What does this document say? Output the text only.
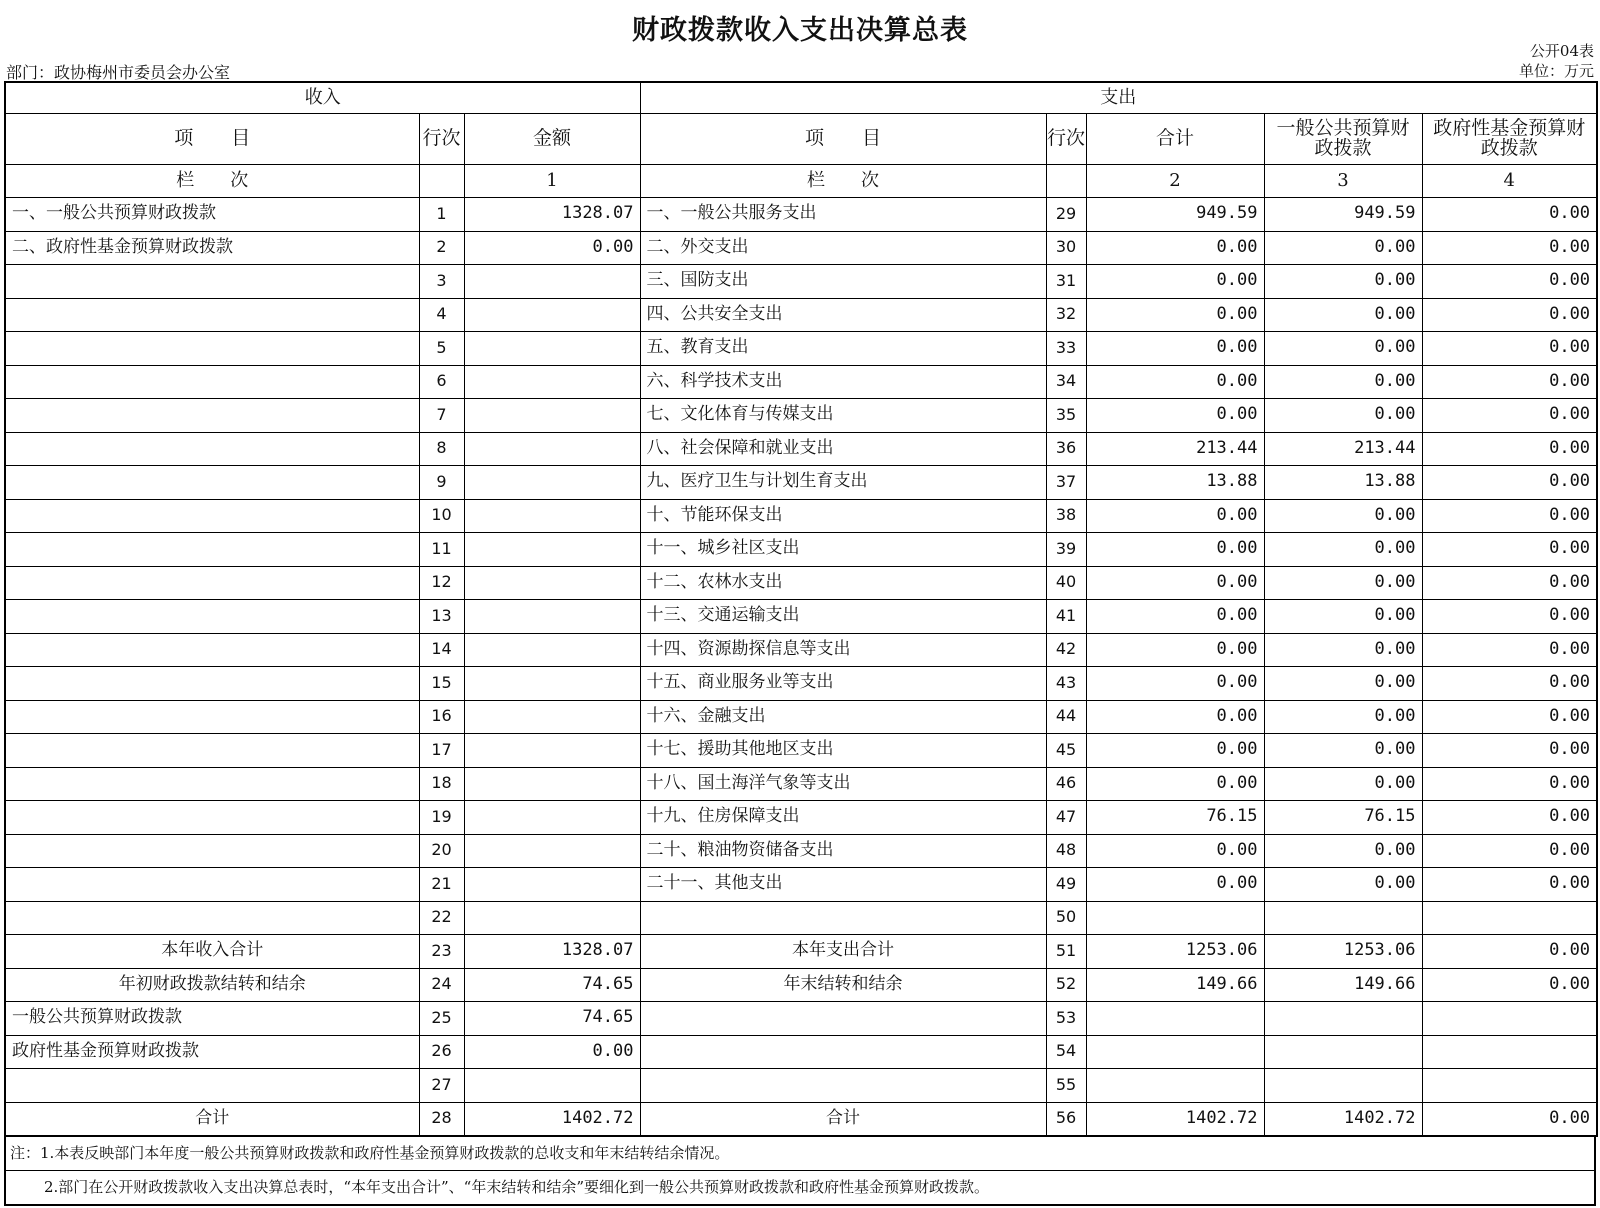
财政拨款收入支出决算总表
公开04表
部门：政协梅州市委员会办公室	单位：万元
收入			支出				
项　　目	行次	金额	项　　目	行次	合计	一般公共预算财政拨款	政府性基金预算财政拨款
栏　　次		1	栏　　次		2	3	4
一、一般公共预算财政拨款	1	1328.07	一、一般公共服务支出	29	949.59	949.59	0.00
二、政府性基金预算财政拨款	2	0.00	二、外交支出	30	0.00	0.00	0.00
	3		三、国防支出	31	0.00	0.00	0.00
	4		四、公共安全支出	32	0.00	0.00	0.00
	5		五、教育支出	33	0.00	0.00	0.00
	6		六、科学技术支出	34	0.00	0.00	0.00
	7		七、文化体育与传媒支出	35	0.00	0.00	0.00
	8		八、社会保障和就业支出	36	213.44	213.44	0.00
	9		九、医疗卫生与计划生育支出	37	13.88	13.88	0.00
	10		十、节能环保支出	38	0.00	0.00	0.00
	11		十一、城乡社区支出	39	0.00	0.00	0.00
	12		十二、农林水支出	40	0.00	0.00	0.00
	13		十三、交通运输支出	41	0.00	0.00	0.00
	14		十四、资源勘探信息等支出	42	0.00	0.00	0.00
	15		十五、商业服务业等支出	43	0.00	0.00	0.00
	16		十六、金融支出	44	0.00	0.00	0.00
	17		十七、援助其他地区支出	45	0.00	0.00	0.00
	18		十八、国土海洋气象等支出	46	0.00	0.00	0.00
	19		十九、住房保障支出	47	76.15	76.15	0.00
	20		二十、粮油物资储备支出	48	0.00	0.00	0.00
	21		二十一、其他支出	49	0.00	0.00	0.00
	22			50			
本年收入合计	23	1328.07	本年支出合计	51	1253.06	1253.06	0.00
年初财政拨款结转和结余	24	74.65	年末结转和结余	52	149.66	149.66	0.00
一般公共预算财政拨款	25	74.65		53			
政府性基金预算财政拨款	26	0.00		54			
	27			55			
合计	28	1402.72	合计	56	1402.72	1402.72	0.00
注：1.本表反映部门本年度一般公共预算财政拨款和政府性基金预算财政拨款的总收支和年末结转结余情况。
2.部门在公开财政拨款收入支出决算总表时，“本年支出合计”、“年末结转和结余”要细化到一般公共预算财政拨款和政府性基金预算财政拨款。
